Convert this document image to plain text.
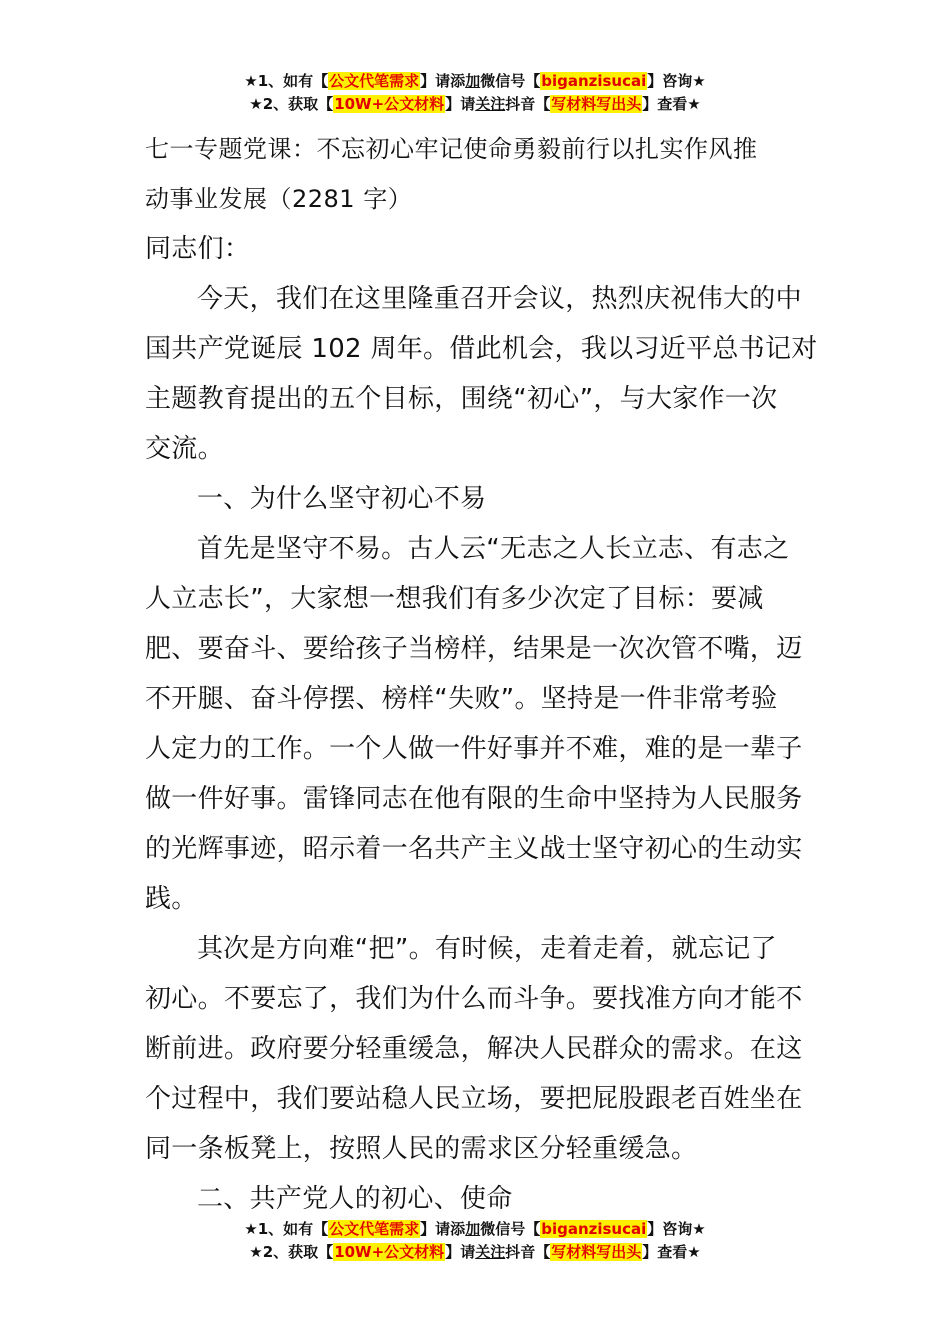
★1、如有【公文代笔需求】请添加微信号【biganzisucai】咨询★
★2、获取【10W+公文材料】请关注抖音【写材料写出头】查看★
七一专题党课：不忘初心牢记使命勇毅前行以扎实作风推
动事业发展（2281 字）
同志们：
今天，我们在这里隆重召开会议，热烈庆祝伟大的中
国共产党诞辰 102 周年。借此机会，我以习近平总书记对
主题教育提出的五个目标，围绕“初心”，与大家作一次
交流。
一、为什么坚守初心不易
首先是坚守不易。古人云“无志之人长立志、有志之
人立志长”，大家想一想我们有多少次定了目标：要减
肥、要奋斗、要给孩子当榜样，结果是一次次管不嘴，迈
不开腿、奋斗停摆、榜样“失败”。坚持是一件非常考验
人定力的工作。一个人做一件好事并不难，难的是一辈子
做一件好事。雷锋同志在他有限的生命中坚持为人民服务
的光辉事迹，昭示着一名共产主义战士坚守初心的生动实
践。
其次是方向难“把”。有时候，走着走着，就忘记了
初心。不要忘了，我们为什么而斗争。要找准方向才能不
断前进。政府要分轻重缓急，解决人民群众的需求。在这
个过程中，我们要站稳人民立场，要把屁股跟老百姓坐在
同一条板凳上，按照人民的需求区分轻重缓急。
二、共产党人的初心、使命
★1、如有【公文代笔需求】请添加微信号【biganzisucai】咨询★
★2、获取【10W+公文材料】请关注抖音【写材料写出头】查看★
